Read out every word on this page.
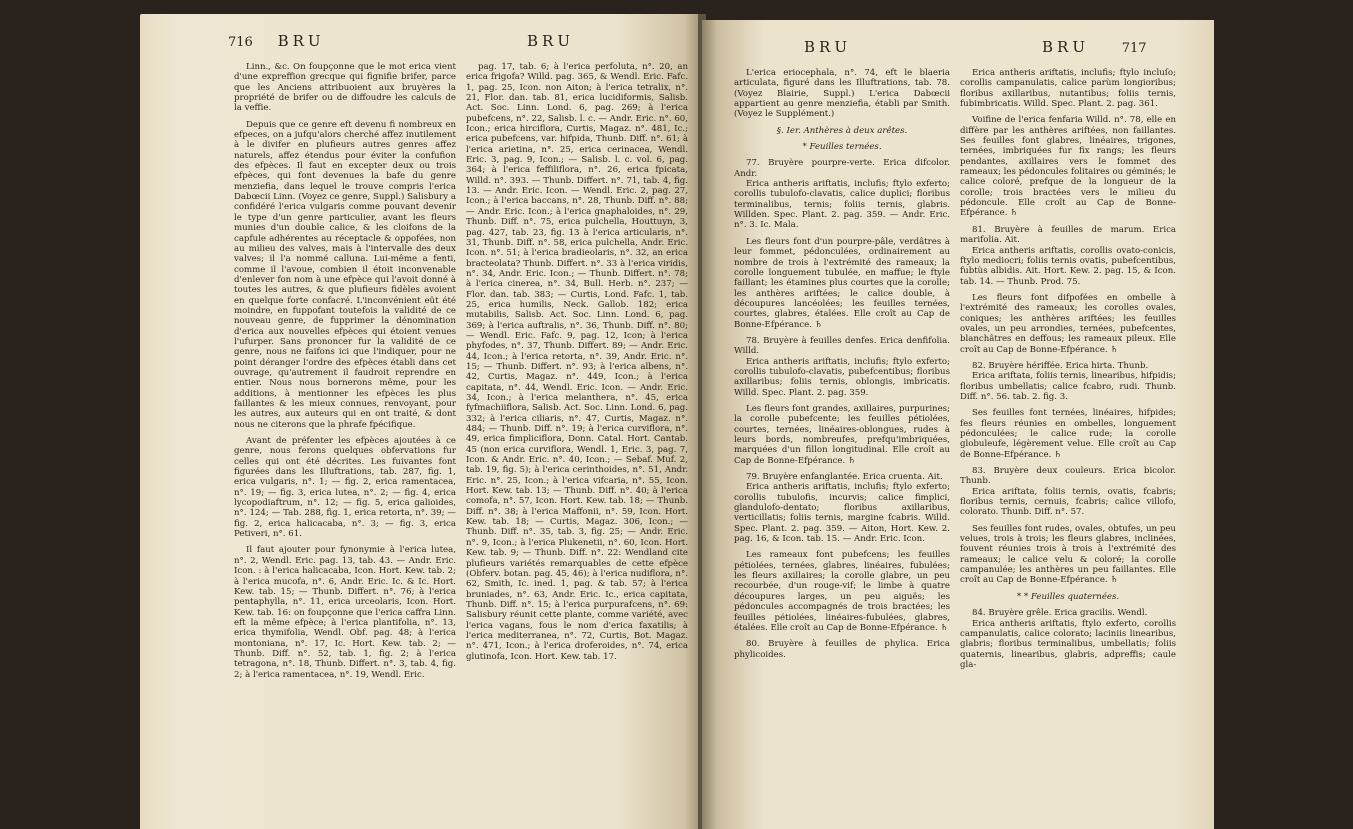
716 BRU	BRU

Linn., &c. On foupçonne que le mot erica vient d'une expreffion grecque qui fignifie brifer, parce que les Anciens attribuoient aux bruyères la propriété de brifer ou de diffoudre les calculs de la veffie.

Depuis que ce genre eft devenu fi nombreux en efpeces, on a jufqu'alors cherché affez inutilement à le divifer en plufieurs autres genres affez naturels, affez étendus pour éviter la confufion des efpèces. Il faut en excepter deux ou trois efpèces, qui font devenues la bafe du genre menziefia, dans lequel le trouve compris l'erica Dabœcii Linn. (Voyez ce genre, Suppl.) Salisbury a confidéré l'erica vulgaris comme pouvant devenir le type d'un genre particulier, avant les fleurs munies d'un double calice, & les cloifons de la capfule adhérentes au réceptacle & oppofées, non au milieu des valves, mais à l'intervalle des deux valves; il l'a nommé calluna. Lui-même a fenti, comme il l'avoue, combien il étoit inconvenable d'enlever fon nom à une efpèce qui l'avoit donné à toutes les autres, & que plufieurs fidèles avoient en quelque forte confacré. L'inconvénient eût été moindre, en fuppofant toutefois la validité de ce nouveau genre, de fupprimer la dénomination d'erica aux nouvelles efpèces qui étoient venues l'ufurper. Sans prononcer fur la validité de ce genre, nous ne faifons ici que l'indiquer, pour ne point déranger l'ordre des efpèces établi dans cet ouvrage, qu'autrement il faudroit reprendre en entier. Nous nous bornerons même, pour les additions, à mentionner les efpèces les plus faillantes & les mieux connues, renvoyant, pour les autres, aux auteurs qui en ont traité, & dont nous ne citerons que la phrafe fpécifique.

Avant de préfenter les efpèces ajoutées à ce genre, nous ferons quelques obfervations fur celles qui ont été décrites. Les fuivantes font figurées dans les Illuftrations, tab. 287, fig. 1, erica vulgaris, n°. 1; — fig. 2, erica ramentacea, n°. 19; — fig. 3, erica lutea, n°. 2; — fig. 4, erica lycopodiaftrum, n°. 12; — fig. 5, erica galioides, n°. 124; — Tab. 288, fig. 1, erica retorta, n°. 39; — fig. 2, erica halicacaba, n°. 3; — fig. 3, erica Petiveri, n°. 61.

Il faut ajouter pour fynonymie à l'erica lutea, n°. 2, Wendl. Eric. pag. 13, tab. 43. — Andr. Eric. Icon. : à l'erica halicacaba, Icon. Hort. Kew. tab. 2; à l'erica mucofa, n°. 6, Andr. Eric. Ic. & Ic. Hort. Kew. tab. 15; — Thunb. Differt. n°. 76; à l'erica pentaphylla, n°. 11, erica urceolaris, Icon. Hort. Kew. tab. 16: on foupçonne que l'erica caffra Linn. eft la même efpèce; à l'erica plantifolia, n°. 13, erica thymifolia, Wendl. Obf. pag. 48; à l'erica montoniana, n°. 17, Ic. Hort. Kew. tab. 2; — Thunb. Diff. n°. 52, tab. 1, fig. 2; à l'erica tetragona, n°. 18, Thunb. Differt. n°. 3, tab. 4, fig. 2; à l'erica ramentacea, n°. 19, Wendl. Eric.

pag. 17, tab. 6; à l'erica perfoluta, n°. 20, an erica frigofa? Willd. pag. 365, & Wendl. Eric. Fafc. 1, pag. 25, Icon. non Aiton; à l'erica tetralix, n°. 21, Flor. dan. tab. 81, erica lucidiformis, Salisb. Act. Soc. Linn. Lond. 6, pag. 269; à l'erica pubefcens, n°. 22, Salisb. l. c. — Andr. Eric. n°. 60, Icon.; erica hirciflora, Curtis, Magaz. n°. 481, Ic.; erica pubefcens, var. hifpida, Thunb. Diff. n°. 61; à l'erica arietina, n°. 25, erica cerinacea, Wendl. Eric. 3, pag. 9, Icon.; — Salisb. l. c. vol. 6, pag. 364; à l'erica feffiliflora, n°. 26, erica fpicata, Willd. n°. 393. — Thunb. Differt. n°. 71, tab. 4, fig. 13. — Andr. Eric. Icon. — Wendl. Eric. 2, pag. 27, Icon.; à l'erica baccans, n°. 28, Thunb. Diff. n°. 88; — Andr. Eric. Icon.; à l'erica gnaphaloides, n°. 29, Thunb. Diff. n°. 75, erica pulchella, Houttuyn, 3, pag. 427, tab. 23, fig. 13 à l'erica articularis, n°. 31, Thunb. Diff. n°. 58, erica pulchella, Andr. Eric. Icon. n°. 51; à l'erica bradieolaris, n°. 32, an erica bracteolata? Thunb. Differt. n°. 33 à l'erica viridis, n°. 34, Andr. Eric. Icon.; — Thunb. Differt. n°. 78; à l'erica cinerea, n°. 34, Bull. Herb. n°. 237; — Flor. dan. tab. 383; — Curtis, Lond. Fafc. 1, tab. 25, erica humilis, Neck. Gallob. 182; erica mutabilis, Salisb. Act. Soc. Linn. Lond. 6, pag. 369; à l'erica auftralis, n°. 36, Thunb. Diff. n°. 80; — Wendl. Eric. Fafc. 9, pag. 12, Icon; à l'erica phyfodes, n°. 37, Thunb. Differt. 89; — Andr. Eric. 44, Icon.; à l'erica retorta, n°. 39, Andr. Eric. n°. 15; — Thunb. Differt. n°. 93; à l'erica albens, n°. 42, Curtis, Magaz. n°. 449, Icon.; à l'erica capitata, n°. 44, Wendl. Eric. Icon. — Andr. Eric. 34, Icon.; à l'erica melanthera, n°. 45, erica fyfmachiiflora, Salisb. Act. Soc. Linn. Lond. 6, pag. 332; à l'erica ciliaris, n°. 47, Curtis, Magaz. n°. 484; — Thunb. Diff. n°. 19; à l'erica curviflora, n°. 49, erica fimpliciflora, Donn. Catal. Hort. Cantab. 45 (non erica curviflora, Wendl. 1, Eric. 3, pag. 7, Icon. & Andr. Eric. n°. 40, Icon.; — Sebaf. Muf. 2, tab. 19, fig. 5); à l'erica cerinthoides, n°. 51, Andr. Eric. n°. 25, Icon.; à l'erica vifcaria, n°. 55, Icon. Hort. Kew. tab. 13; — Thunb. Diff. n°. 40; à l'erica comofa, n°. 57, Icon. Hort. Kew. tab. 18; — Thunb. Diff. n°. 38; à l'erica Maffonii, n°. 59, Icon. Hort. Kew. tab. 18; — Curtis, Magaz. 306, Icon.; — Thunb. Diff. n°. 35, tab. 3, fig. 25; — Andr. Eric. n°. 9, Icon.; à l'erica Plukenetii, n°. 60, Icon. Hort. Kew. tab. 9; — Thunb. Diff. n°. 22: Wendland cite plufieurs variétés remarquables de cette efpèce (Obferv. botan. pag. 45, 46); à l'erica nudiflora, n°. 62, Smith, Ic. ined. 1, pag. & tab. 57; à l'erica bruniades, n°. 63, Andr. Eric. Ic., erica capitata, Thunb. Diff. n°. 15; à l'erica purpurafcens, n°. 69: Salisbury réunit cette plante, comme variété, avec l'erica vagans, fous le nom d'erica faxatilis; à l'erica mediterranea, n°. 72, Curtis, Bot. Magaz. n°. 471, Icon.; à l'erica droferoides, n°. 74, erica glutinofa, Icon. Hort. Kew. tab. 17.

BRU	BRU	717

L'erica eriocephala, n°. 74, eft le blaeria articulata, figuré dans les Illuftrations, tab. 78. (Voyez Blairie, Suppl.) L'erica Dabœcii appartient au genre menziefia, établi par Smith. (Voyez le Supplément.)

§. Ier. Anthères à deux arêtes.

* Feuilles ternées.

77. Bruyère pourpre-verte. Erica difcolor. Andr.

Erica antheris ariftatis, inclufis; ftylo exferto; corollis tubulofo-clavatis, calice duplici; floribus terminalibus, ternis; foliis ternis, glabris. Willden. Spec. Plant. 2. pag. 359. — Andr. Eric. n°. 3. Ic. Mala.

Les fleurs font d'un pourpre-pâle, verdâtres à leur fommet, pédonculées, ordinairement au nombre de trois à l'extrémité des rameaux; la corolle longuement tubulée, en maffue; le ftyle faillant; les étamines plus courtes que la corolle; les anthères ariftées; le calice double, à découpures lancéolées; les feuilles ternées, courtes, glabres, étalées. Elle croît au Cap de Bonne-Efpérance. ♄

78. Bruyère à feuilles denfes. Erica denfifolia. Willd.

Erica antheris ariftatis, inclufis; ftylo exferto; corollis tubulofo-clavatis, pubefcentibus; floribus axillaribus; foliis ternis, oblongis, imbricatis. Willd. Spec. Plant. 2. pag. 359.

Les fleurs font grandes, axillaires, purpurines; la corolle pubefcente; les feuilles pétiolées, courtes, ternées, linéaires-oblongues, rudes à leurs bords, nombreufes, prefqu'imbriquées, marquées d'un fillon longitudinal. Elle croît au Cap de Bonne-Efpérance. ♄

79. Bruyère enfanglantée. Erica cruenta. Ait.

Erica antheris ariftatis, inclufis; ftylo exferto; corollis tubulofis, incurvis; calice fimplici, glandulofo-dentato; floribus axillaribus, verticillatis; foliis ternis, margine fcabris. Willd. Spec. Plant. 2. pag. 359. — Aiton, Hort. Kew. 2. pag. 16, & Icon. tab. 15. — Andr. Eric. Icon.

Les rameaux font pubefcens; les feuilles pétiolées, ternées, glabres, linéaires, fubulées; les fleurs axillaires; la corolle glabre, un peu recourbée, d'un rouge-vif; le limbe à quatre découpures larges, un peu aiguës; les pédoncules accompagnés de trois bractées; les feuilles pétiolées, linéaires-fubulées, glabres, étalées. Elle croît au Cap de Bonne-Efpérance. ♄

80. Bruyère à feuilles de phylica. Erica phylicoides.

Erica antheris ariftatis, inclufis; ftylo incluſo; corollis campanulatis, calice parùm longioribus; floribus axillaribus, nutantibus; foliis ternis, fubimbricatis. Willd. Spec. Plant. 2. pag. 361.

Voifine de l'erica fenfaria Willd. n°. 78, elle en diffère par les anthères ariftées, non faillantes. Ses feuilles font glabres, linéaires, trigones, ternées, imbriquées fur fix rangs; les fleurs pendantes, axillaires vers le fommet des rameaux; les pédoncules folitaires ou géminés; le calice coloré, prefque de la longueur de la corolle; trois bractées vers le milieu du pédoncule. Elle croît au Cap de Bonne-Efpérance. ♄

81. Bruyère à feuilles de marum. Erica marifolia. Ait.

Erica antheris ariftatis, corollis ovato-conicis, ftylo mediocri; foliis ternis ovatis, pubefcentibus, fubtùs albidis. Ait. Hort. Kew. 2. pag. 15, & Icon. tab. 14. — Thunb. Prod. 75.

Les fleurs font difpofées en ombelle à l'extrémité des rameaux; les corolles ovales, coniques; les anthères ariftées; les feuilles ovales, un peu arrondies, ternées, pubefcentes, blanchâtres en deffous; les rameaux pileux. Elle croît au Cap de Bonne-Efpérance. ♄

82. Bruyère hériffée. Erica hirta. Thunb.

Erica ariftata, foliis ternis, linearibus, hifpidis; floribus umbellatis; calice fcabro, rudi. Thunb. Diff. n°. 56. tab. 2. fig. 3.

Ses feuilles font ternées, linéaires, hifpides; fes fleurs réunies en ombelles, longuement pédonculées; le calice rude; la corolle globuleufe, légèrement velue. Elle croît au Cap de Bonne-Efpérance. ♄

83. Bruyère deux couleurs. Erica bicolor. Thunb.

Erica ariftata, foliis ternis, ovatis, fcabris; floribus ternis, cernuis, fcabris; calice villofo, colorato. Thunb. Diff. n°. 57.

Ses feuilles font rudes, ovales, obtufes, un peu velues, trois à trois; les fleurs glabres, inclinées, fouvent réunies trois à trois à l'extrémité des rameaux; le calice velu & coloré; la corolle campanulée; les anthères un peu faillantes. Elle croît au Cap de Bonne-Efpérance. ♄

* * Feuilles quaternées.

84. Bruyère grêle. Erica gracilis. Wendl.

Erica antheris ariftatis, ftylo exferto, corollis campanulatis, calice colorato; laciniis linearibus, glabris; floribus terminalibus, umbellatis; foliis quaternis, linearibus, glabris, adpreffis; caule gla-
